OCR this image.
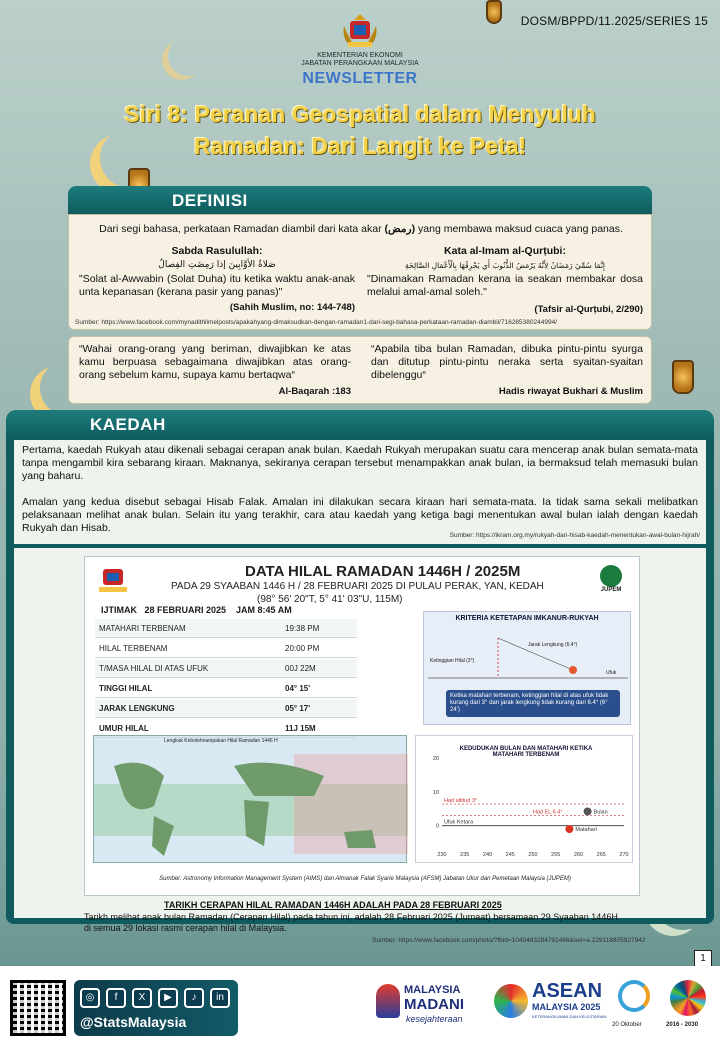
DOSM/BPPD/11.2025/SERIES 15
KEMENTERIAN EKONOMI
JABATAN PERANGKAAN MALAYSIA
NEWSLETTER
Siri 8: Peranan Geospatial dalam Menyuluh
Ramadan: Dari Langit ke Peta!
DEFINISI
Dari segi bahasa, perkataan Ramadan diambil dari kata akar (رمض) yang membawa maksud cuaca yang panas.
Sabda Rasulullah:
صَلاةُ الأوَّابِينَ إذا رَمِضَتِ الفِصالُ
"Solat al-Awwabin (Solat Duha) itu ketika waktu anak-anak unta kepanasan (kerana pasir yang panas)"
(Sahih Muslim, no: 144-748)
Kata al-Imam al-Qurṭubi:
إِنَّمَا سُمِّيَ رَمَضَانُ لِأَنَّهُ يَرْمَضُ الذُّنُوبَ أَي يَحْرِقُهَا بِالْأَعْمَالِ الصَّالِحَةِ
"Dinamakan Ramadan kerana ia seakan membakar dosa melalui amal-amal soleh."
(Tafsir al-Qurṭubi, 2/290)
Sumber: https://www.facebook.com/mynadithilmelposts/apakahyang-dimaksudkan-dengan-ramadan1-dari-segi-bahasa-perkataan-ramadan-diambil/716285380244994/
“Wahai orang-orang yang beriman, diwajibkan ke atas kamu berpuasa sebagaimana diwajibkan atas orang-orang sebelum kamu, supaya kamu bertaqwa“
Al-Baqarah :183
“Apabila tiba bulan Ramadan, dibuka pintu-pintu syurga dan ditutup pintu-pintu neraka serta syaitan-syaitan dibelenggu“
Hadis riwayat Bukhari & Muslim
KAEDAH
Pertama, kaedah Rukyah atau dikenali sebagai cerapan anak bulan. Kaedah Rukyah merupakan suatu cara mencerap anak bulan semata-mata tanpa mengambil kira sebarang kiraan. Maknanya, sekiranya cerapan tersebut menampakkan anak bulan, ia bermaksud telah memasuki bulan yang baharu.
Amalan yang kedua disebut sebagai Hisab Falak. Amalan ini dilakukan secara kiraan hari semata-mata. Ia tidak sama sekali melibatkan pelaksanaan melihat anak bulan. Selain itu yang terakhir, cara atau kaedah yang ketiga bagi menentukan awal bulan ialah dengan kaedah Rukyah dan Hisab.
Sumber: https://ikram.org.my/rukyah-dan-hisab-kaedah-menentukan-awal-bulan-hijrah/
DATA HILAL RAMADAN 1446H / 2025M
PADA 29 SYAABAN 1446 H / 28 FEBRUARI 2025 DI PULAU PERAK, YAN, KEDAH
(98° 56' 20"T, 5° 41' 03"U, 115M)
JUPEM
IJTIMAK   28 FEBRUARI 2025    JAM 8:45 AM
KRITERIA KETETAPAN IMKANUR-RUKYAH
Ketinggian Hilal (3°)
Jarak Lengkung (6.4°)
Ufuk
Ketika matahari terbenam, ketinggian hilal di atas ufuk tidak kurang dari 3° dan jarak lengkung tidak kurang dari 6.4° (6° 24')
Lengkuk Kebolehnampakan Hilal Ramadan 1446 H
KEDUDUKAN BULAN DAN MATAHARI KETIKA MATAHARI TERBENAM
230 235 240 245 250 255 260 265 270
20
10
0
Had altitud 3°
Had EL 6.4°
Ufuk Ketara
Bulan
Matahari
Sumber: Astronomy Information Management System (AIMS) dan Almanak Falak Syarie Malaysia (AFSM) Jabatan Ukur dan Pemetaan Malaysia (JUPEM)
MATAHARI TERBENAM	19:38 PM
HILAL TERBENAM	20:00 PM
T/MASA HILAL DI ATAS UFUK	00J 22M
TINGGI HILAL	04° 15'
JARAK LENGKUNG	05° 17'
UMUR HILAL	11J 15M
TARIKH CERAPAN HILAL RAMADAN 1446H ADALAH PADA 28 FEBRUARI 2025
Tarikh melihat anak bulan Ramadan (Cerapan Hilal) pada tahun ini, adalah 28 Februari 2025 (Jumaat) bersamaan 29 Syaaban 1446H di semua 29 lokasi rasmi cerapan hilal di Malaysia.
Sumber: https://www.facebook.com/photo/?fbid=1040483284791486&set=a.229118805927942
1
◎	f	X	▶	♪	in
@StatsMalaysia
MALAYSIA
MADANI
kesejahteraan
ASEAN
MALAYSIA 2025
KETERANGKUMAN DAN KELESTARIAN
20 Oktober	2016 - 2030
